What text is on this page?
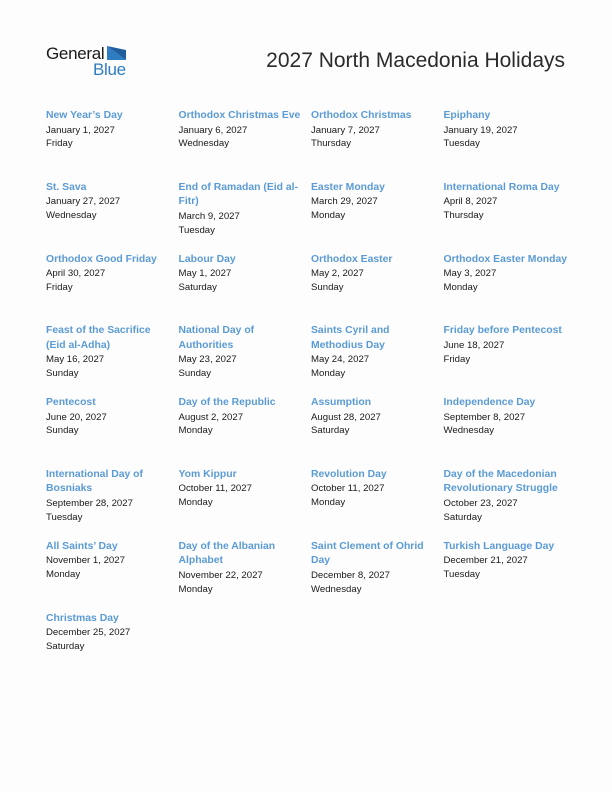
General
Blue	2027 North Macedonia Holidays
New Year’s Day
January 1, 2027
Friday
Orthodox Christmas Eve
January 6, 2027
Wednesday
Orthodox Christmas
January 7, 2027
Thursday
Epiphany
January 19, 2027
Tuesday
St. Sava
January 27, 2027
Wednesday
End of Ramadan (Eid al-Fitr)
March 9, 2027
Tuesday
Easter Monday
March 29, 2027
Monday
International Roma Day
April 8, 2027
Thursday
Orthodox Good Friday
April 30, 2027
Friday
Labour Day
May 1, 2027
Saturday
Orthodox Easter
May 2, 2027
Sunday
Orthodox Easter Monday
May 3, 2027
Monday
Feast of the Sacrifice (Eid al-Adha)
May 16, 2027
Sunday
National Day of Authorities
May 23, 2027
Sunday
Saints Cyril and Methodius Day
May 24, 2027
Monday
Friday before Pentecost
June 18, 2027
Friday
Pentecost
June 20, 2027
Sunday
Day of the Republic
August 2, 2027
Monday
Assumption
August 28, 2027
Saturday
Independence Day
September 8, 2027
Wednesday
International Day of Bosniaks
September 28, 2027
Tuesday
Yom Kippur
October 11, 2027
Monday
Revolution Day
October 11, 2027
Monday
Day of the Macedonian Revolutionary Struggle
October 23, 2027
Saturday
All Saints’ Day
November 1, 2027
Monday
Day of the Albanian Alphabet
November 22, 2027
Monday
Saint Clement of Ohrid Day
December 8, 2027
Wednesday
Turkish Language Day
December 21, 2027
Tuesday
Christmas Day
December 25, 2027
Saturday
